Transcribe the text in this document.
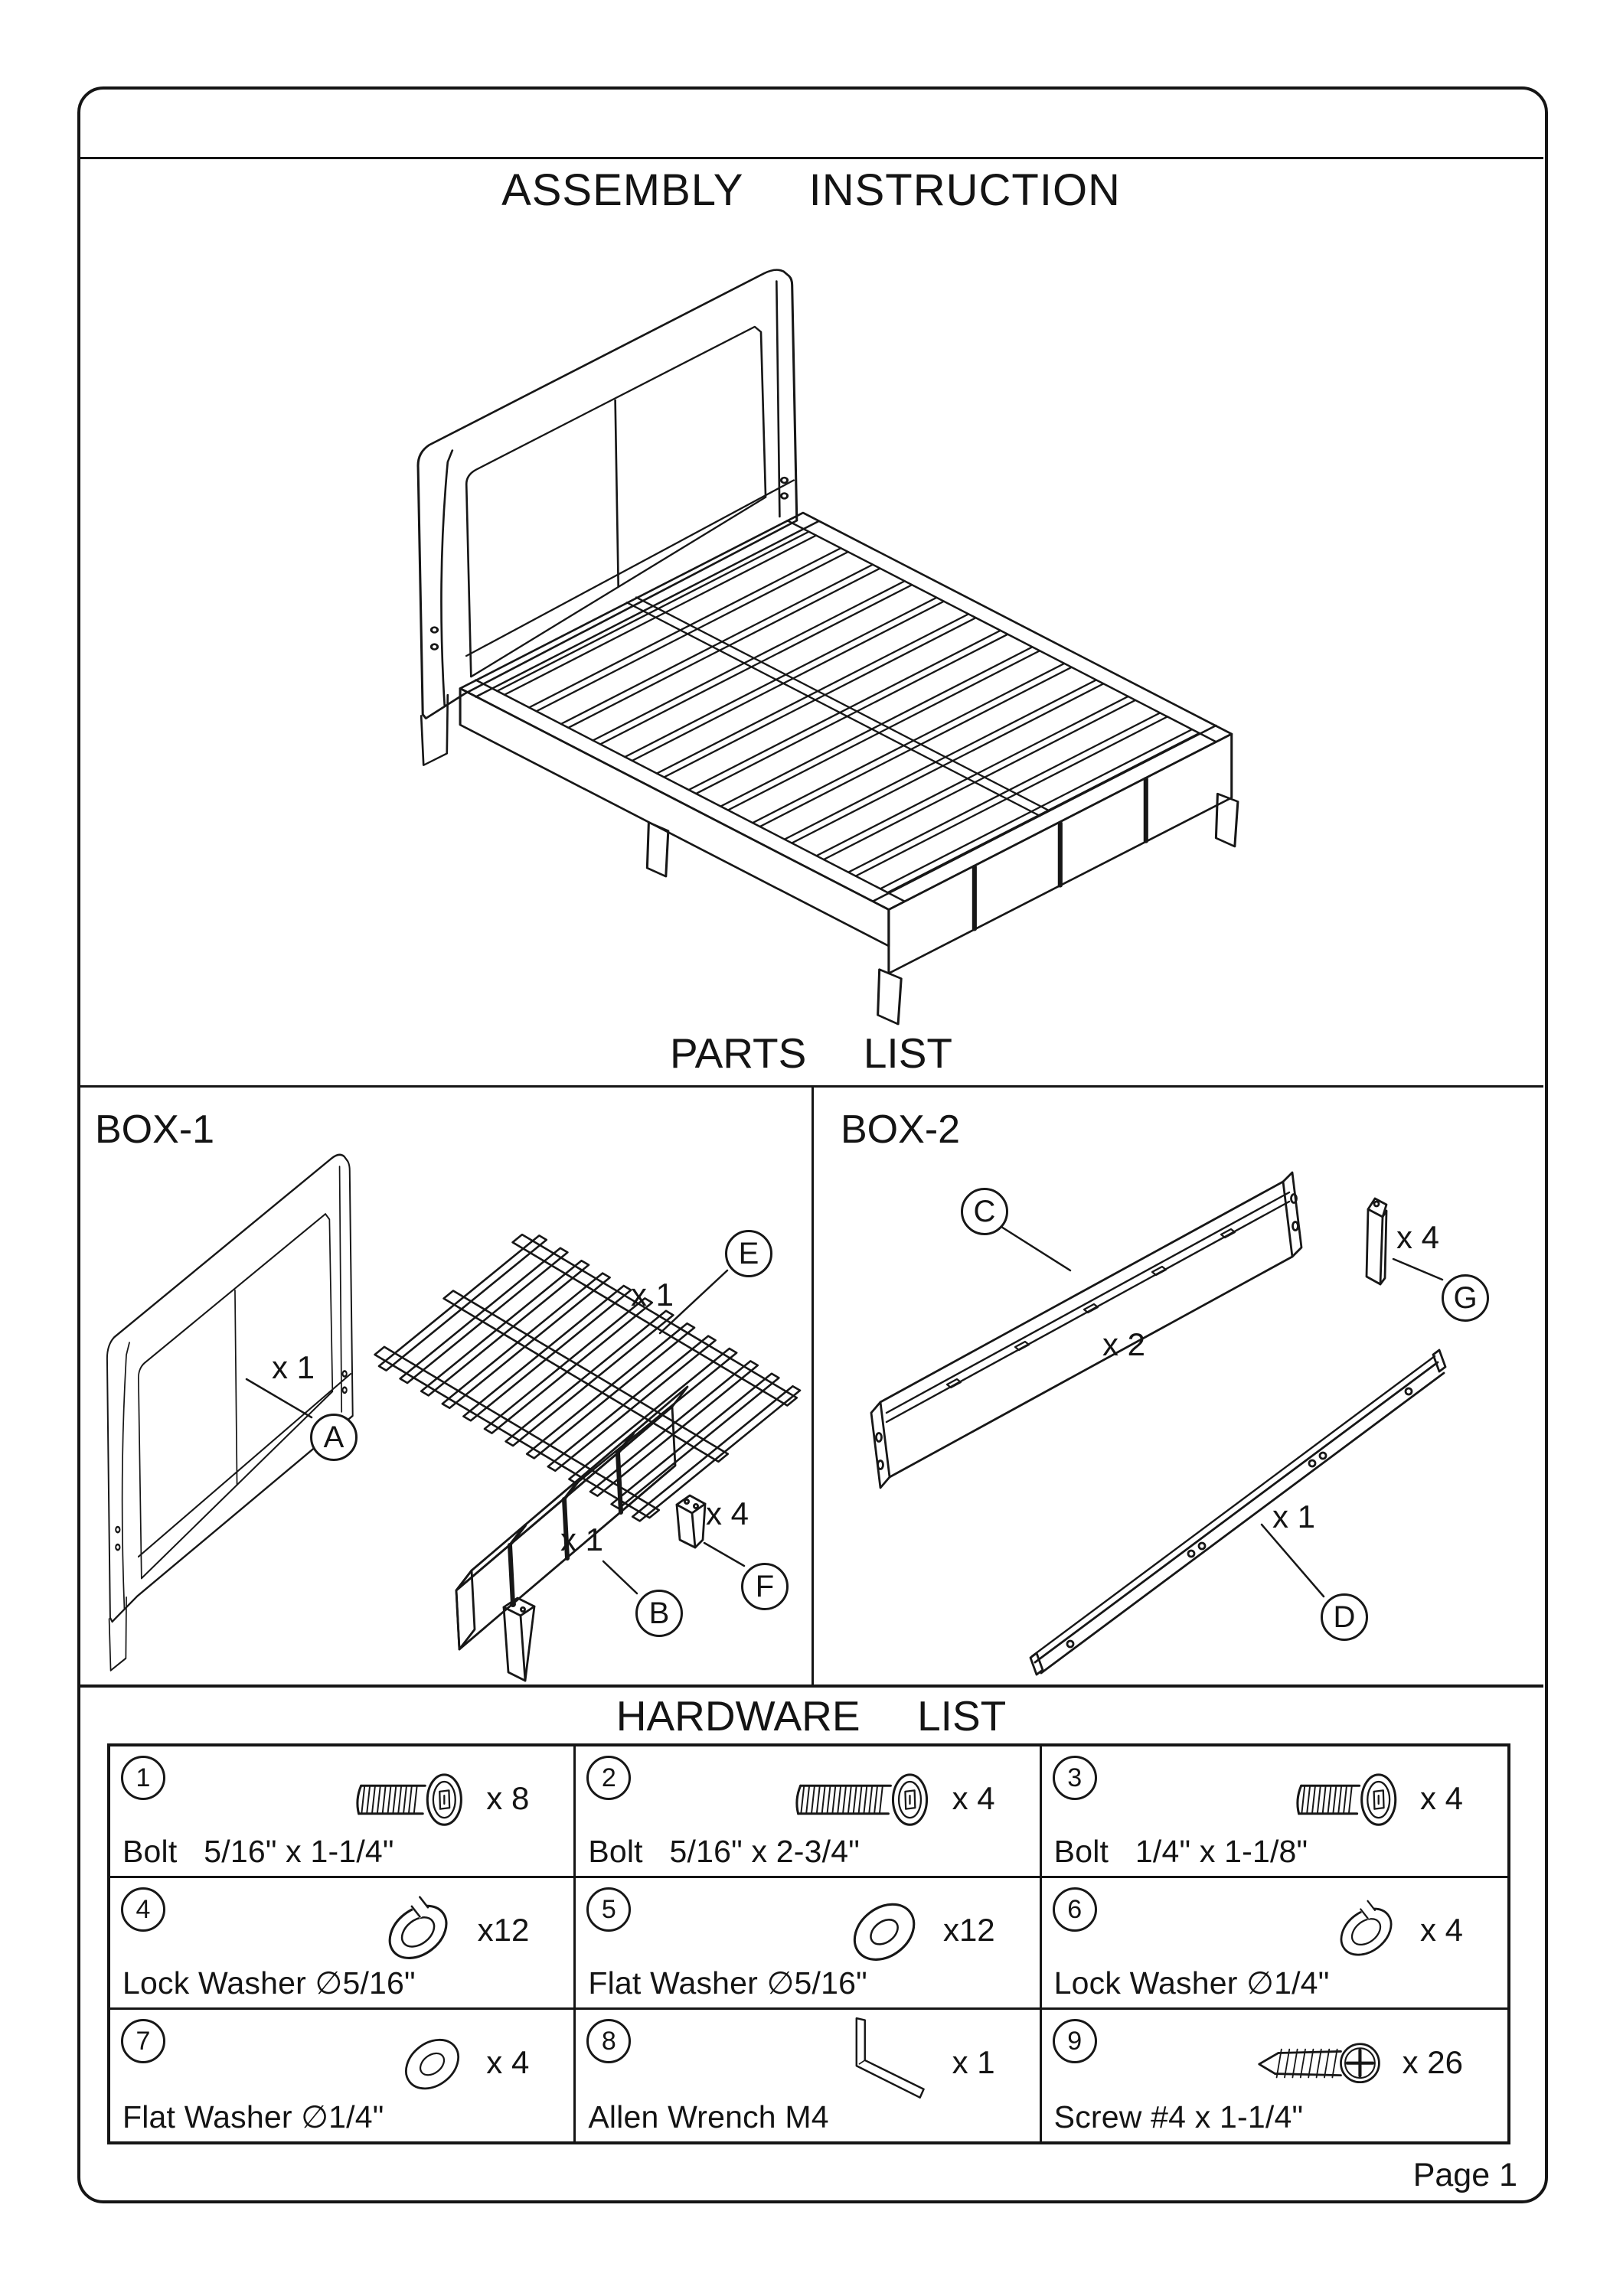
ASSEMBLY  INSTRUCTION
PARTS  LIST
HARDWARE  LIST
BOX-1	BOX-2
A
x 1
E
x 1
B
x 1
F
x 4
C
x 2
G
x 4
D
x 1
1
x 8
Bolt   5/16" x 1-1/4"
2
x 4
Bolt   5/16" x 2-3/4"
3
x 4
Bolt   1/4" x 1-1/8"
4
x12
Lock Washer ∅5/16"
5
x12
Flat Washer ∅5/16"
6
x 4
Lock Washer ∅1/4"
7
x 4
Flat Washer ∅1/4"
8
x 1
Allen Wrench M4
9
x 26
Screw #4 x 1-1/4"
Page 1
